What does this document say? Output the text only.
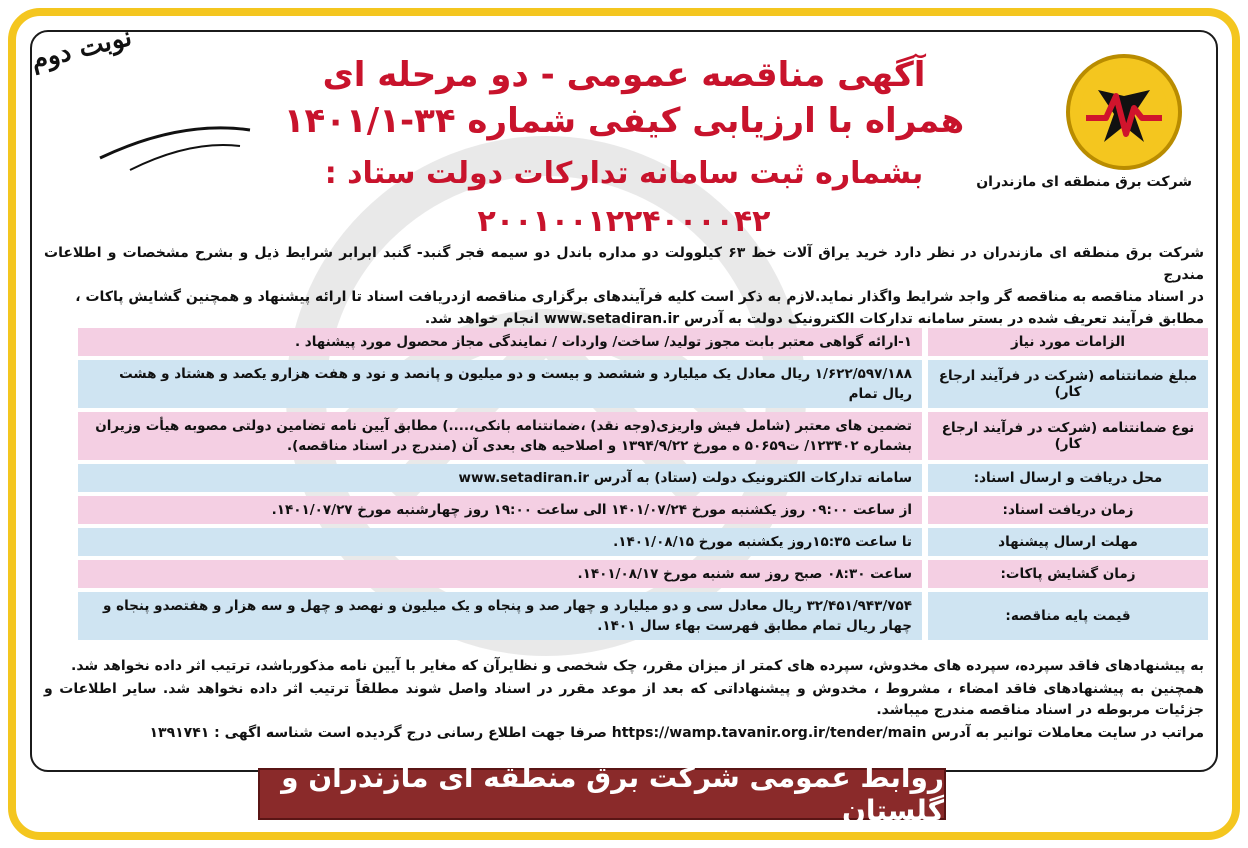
نوبت دوم
شرکت برق منطقه ای مازندران
آگهی مناقصه عمومی - دو مرحله ای
همراه با ارزیابی کیفی شماره ۳۴-۱۴۰۱/۱
بشماره ثبت سامانه تدارکات دولت ستاد : ۲۰۰۱۰۰۱۲۲۴۰۰۰۰۴۲

شرکت برق منطقه ای مازندران در نظر دارد خرید یراق آلات خط ۶۳ کیلوولت دو مداره باندل دو سیمه فجر گنبد- گنبد ابرابر شرایط ذیل و بشرح مشخصات و اطلاعات مندرج

در اسناد مناقصه به مناقصه گر واجد شرایط واگذار نماید.لازم به ذکر است کلیه فرآیندهای برگزاری مناقصه ازدریافت اسناد تا ارائه پیشنهاد و همچنین گشایش پاکات ،

مطابق فرآیند تعریف شده در بستر سامانه تدارکات الکترونیک دولت به آدرس www.setadiran.ir انجام خواهد شد.

الزامات مورد نیاز	۱-ارائه گواهی معتبر بابت مجوز تولید/ ساخت/ واردات / نمایندگی مجاز محصول مورد پیشنهاد .
مبلغ ضمانتنامه (شرکت در فرآیند ارجاع کار)	۱/۶۲۲/۵۹۷/۱۸۸ ریال معادل یک میلیارد و ششصد و بیست و دو میلیون و پانصد و نود و هفت هزارو یکصد و هشتاد و هشت ریال تمام
نوع ضمانتنامه (شرکت در فرآیند ارجاع کار)	تضمین های معتبر (شامل فیش واریزی(وجه نقد) ،ضمانتنامه بانکی،....) مطابق آیین نامه تضامین دولتی مصوبه هیأت وزیران بشماره ۱۲۳۴۰۲/ ت۵۰۶۵۹ ه مورخ ۱۳۹۴/۹/۲۲ و اصلاحیه های بعدی آن (مندرج در اسناد مناقصه).
محل دریافت و ارسال اسناد:	سامانه تدارکات الکترونیک دولت (ستاد) به آدرس www.setadiran.ir
زمان دریافت اسناد:	از ساعت ۰۹:۰۰ روز یکشنبه مورخ ۱۴۰۱/۰۷/۲۴ الی ساعت ۱۹:۰۰ روز چهارشنبه مورخ ۱۴۰۱/۰۷/۲۷.
مهلت ارسال پیشنهاد	تا ساعت ۱۵:۳۵روز یکشنبه مورخ ۱۴۰۱/۰۸/۱۵.
زمان گشایش پاکات:	ساعت ۰۸:۳۰ صبح روز سه شنبه مورخ ۱۴۰۱/۰۸/۱۷.
قیمت پایه مناقصه:	۳۲/۴۵۱/۹۴۳/۷۵۴ ریال معادل سی و دو میلیارد و چهار صد و پنجاه و یک میلیون و نهصد و چهل و سه هزار و هفتصدو پنجاه و چهار ریال تمام مطابق فهرست بهاء سال ۱۴۰۱.

به پیشنهادهای فاقد سپرده، سپرده های مخدوش، سپرده های کمتر از میزان مقرر، چک شخصی و نظایرآن که مغایر با آیین نامه مذکورباشد، ترتیب اثر داده نخواهد شد.

همچنین به پیشنهادهای فاقد امضاء ، مشروط ، مخدوش و پیشنهاداتی که بعد از موعد مقرر در اسناد واصل شوند مطلقاً ترتیب اثر داده نخواهد شد. سایر اطلاعات و جزئیات مربوطه در اسناد مناقصه مندرج میباشد.

مراتب در سایت معاملات توانیر به آدرس https://wamp.tavanir.org.ir/tender/main صرفا جهت اطلاع رسانی درج گردیده است شناسه اگهی : ۱۳۹۱۷۴۱

روابط عمومی شرکت برق منطقه ای مازندران و گلستان
